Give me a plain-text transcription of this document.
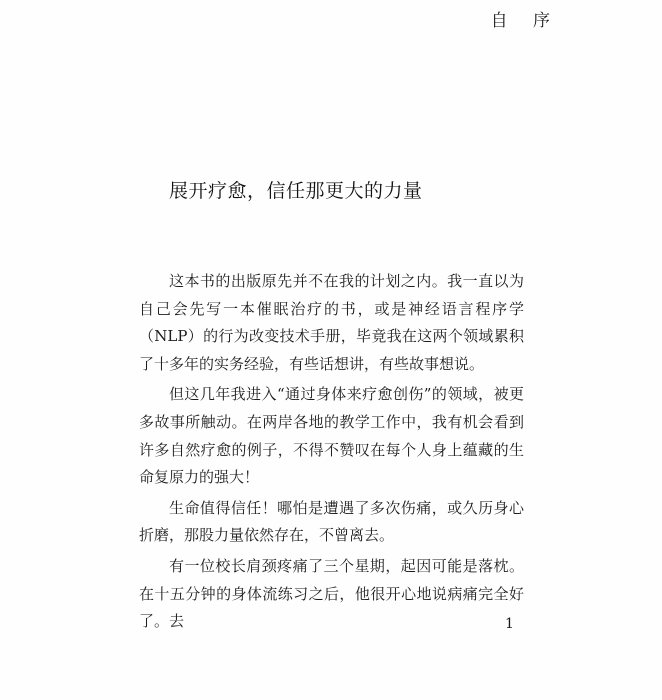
自 序
展开疗愈，信任那更大的力量

这本书的出版原先并不在我的计划之内。我一直以为自己会先写一本催眠治疗的书，或是神经语言程序学（NLP）的行为改变技术手册，毕竟我在这两个领域累积了十多年的实务经验，有些话想讲，有些故事想说。

但这几年我进入“通过身体来疗愈创伤”的领域，被更多故事所触动。在两岸各地的教学工作中，我有机会看到许多自然疗愈的例子，不得不赞叹在每个人身上蕴藏的生命复原力的强大！

生命值得信任！哪怕是遭遇了多次伤痛，或久历身心折磨，那股力量依然存在，不曾离去。

有一位校长肩颈疼痛了三个星期，起因可能是落枕。在十五分钟的身体流练习之后，他很开心地说病痛完全好了。去	1
